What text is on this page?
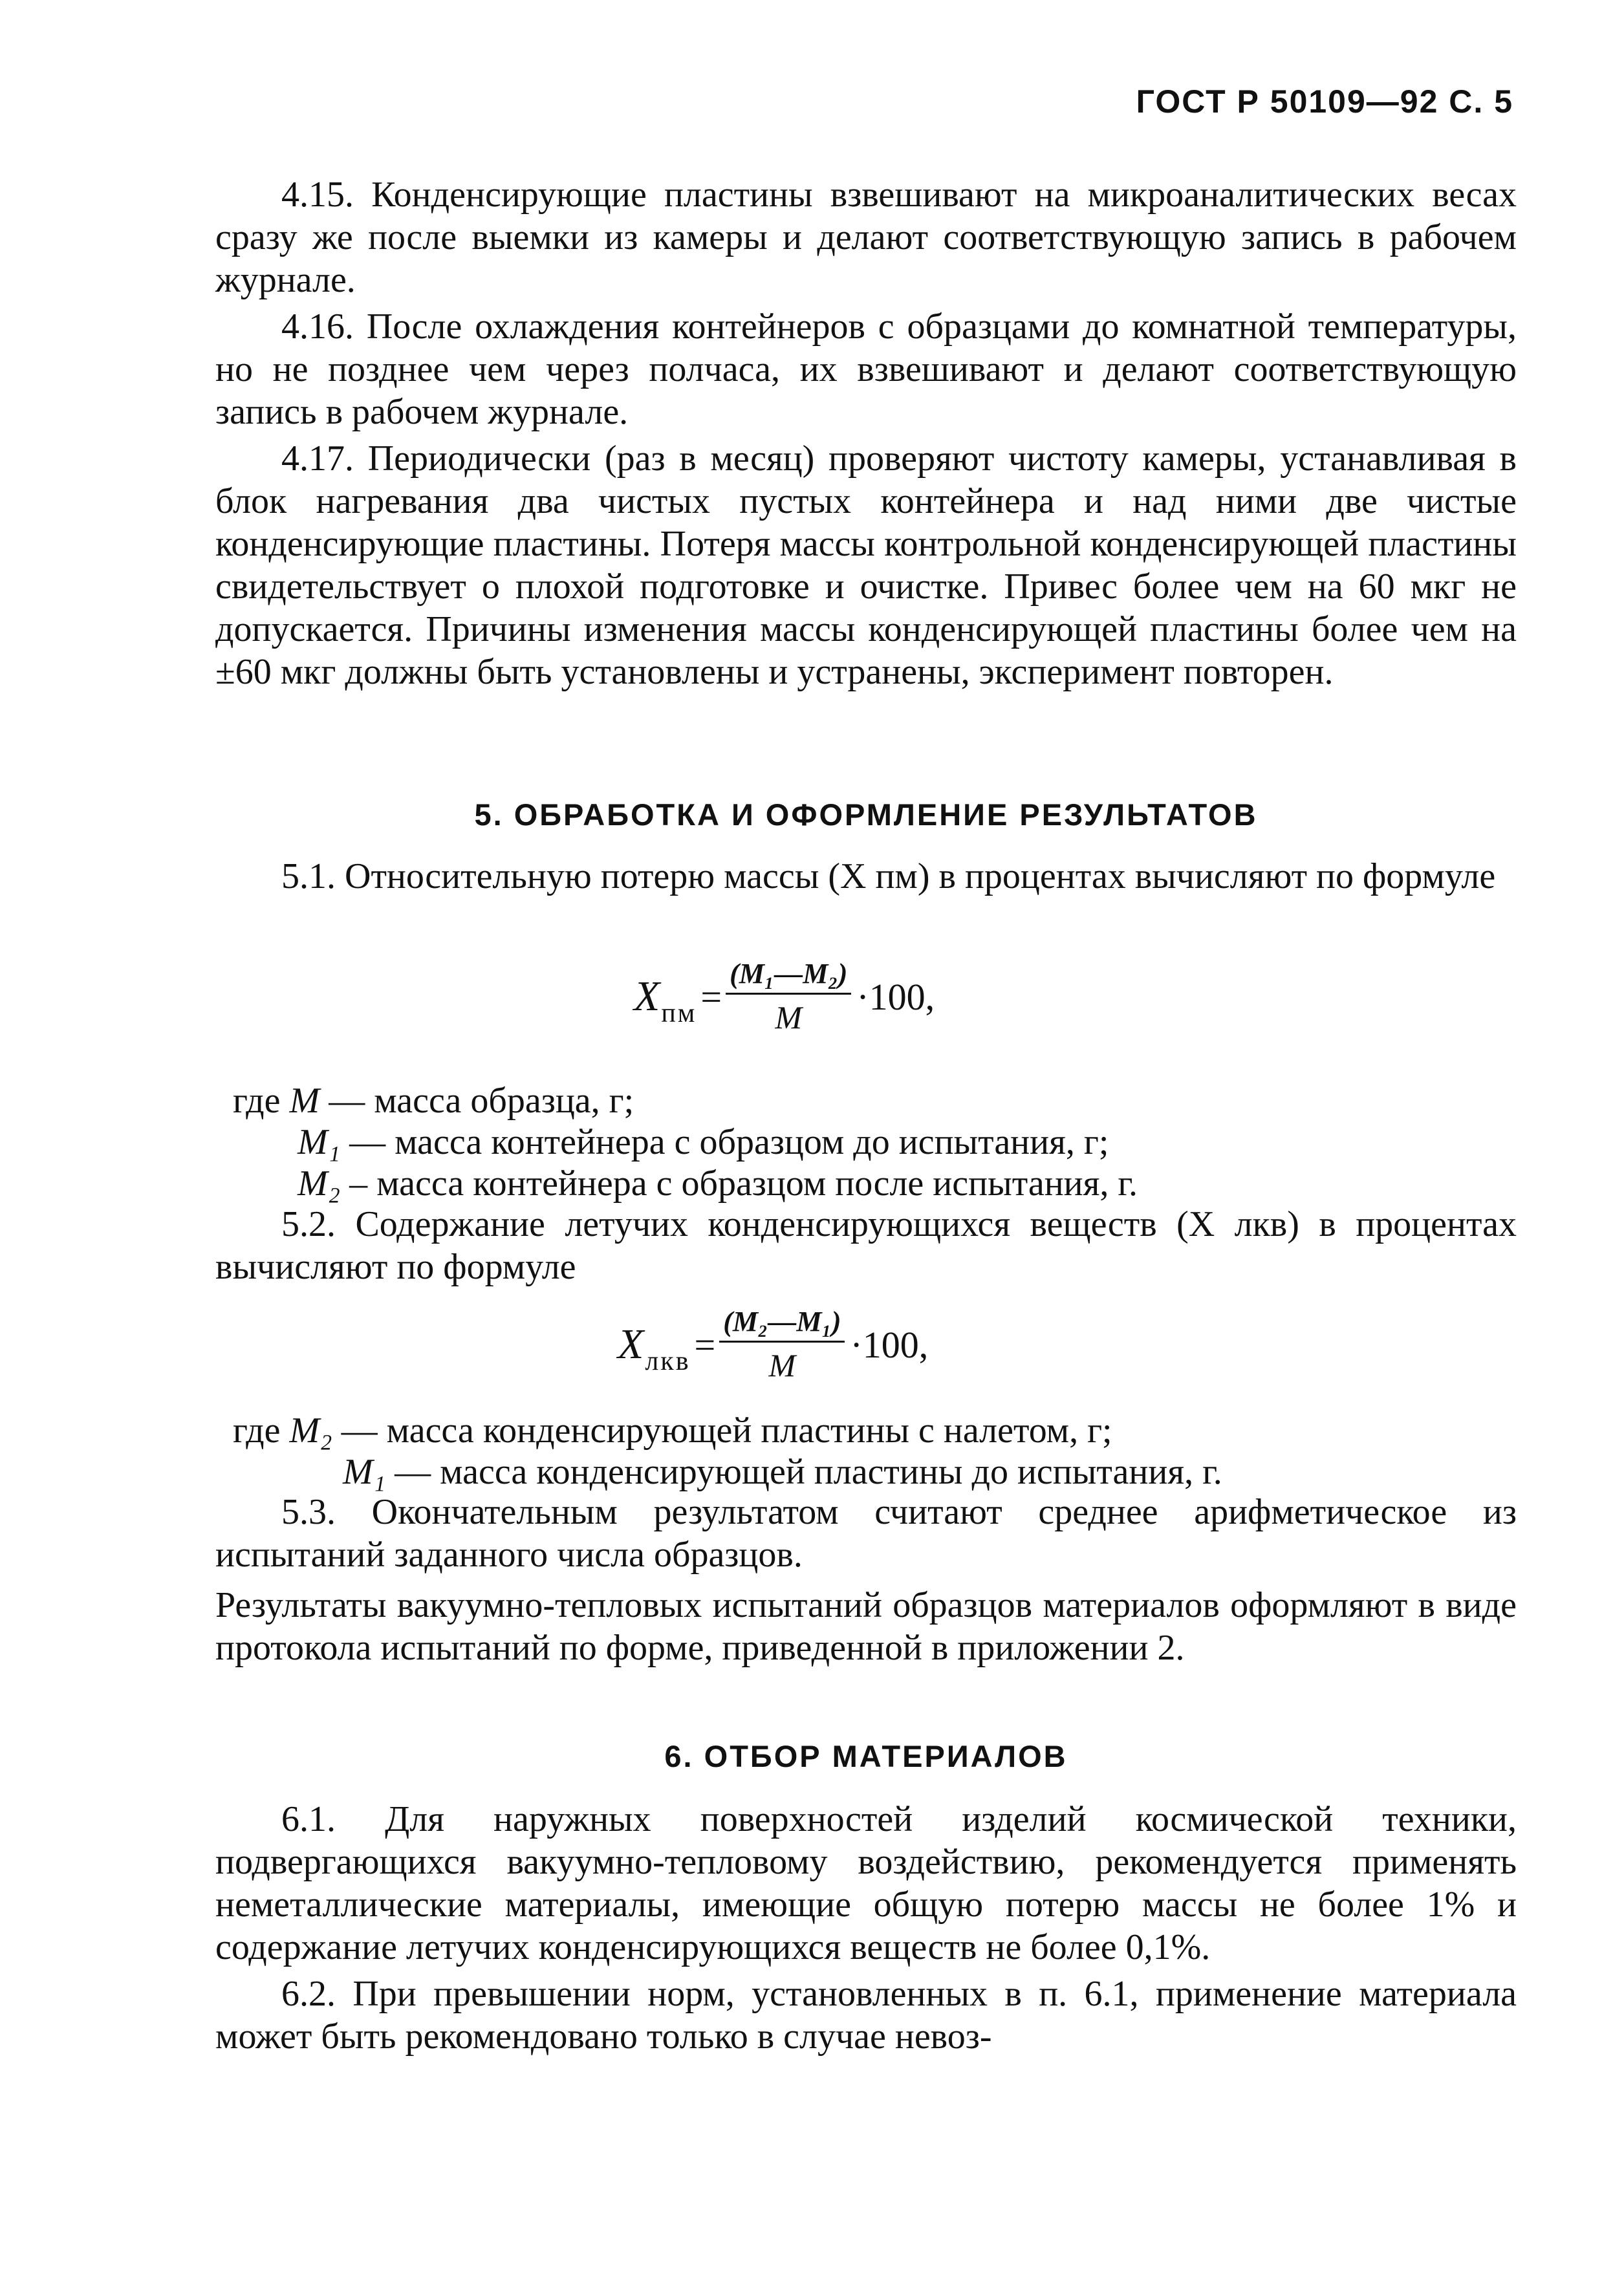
ГОСТ Р 50109—92 С. 5

4.15. Конденсирующие пластины взвешивают на микроаналитических весах сразу же после выемки из камеры и делают соответствующую запись в рабочем журнале.

4.16. После охлаждения контейнеров с образцами до комнатной температуры, но не позднее чем через полчаса, их взвешивают и делают соответствующую запись в рабочем журнале.

4.17. Периодически (раз в месяц) проверяют чистоту камеры, устанавливая в блок нагревания два чистых пустых контейнера и над ними две чистые конденсирующие пластины. Потеря массы контрольной конденсирующей пластины свидетельствует о плохой подготовке и очистке. Привес более чем на 60 мкг не допускается. Причины изменения массы конденсирующей пластины более чем на ±60 мкг должны быть установлены и устранены, эксперимент повторен.

5. ОБРАБОТКА И ОФОРМЛЕНИЕ РЕЗУЛЬТАТОВ

5.1. Относительную потерю массы (Х пм) в процентах вычисляют по формуле

X пм = $\frac{\text{(M₁—M₂)}}{M} \cdot 100$,
где M — масса образца, г;
M₁ — масса контейнера с образцом до испытания, г;
M₂ – масса контейнера с образцом после испытания, г.

5.2. Содержание летучих конденсирующихся веществ (Х лкв) в процентах вычисляют по формуле

X лкв = $\frac{\text{(M₂—M₁)}}{M} \cdot 100$,
где M₂ — масса конденсирующей пластины с налетом, г;
M₁ — масса конденсирующей пластины до испытания, г.

5.3. Окончательным результатом считают среднее арифметическое из испытаний заданного числа образцов.

Результаты вакуумно-тепловых испытаний образцов материалов оформляют в виде протокола испытаний по форме, приведенной в приложении 2.

6. ОТБОР МАТЕРИАЛОВ

6.1. Для наружных поверхностей изделий космической техники, подвергающихся вакуумно-тепловому воздействию, рекомендуется применять неметаллические материалы, имеющие общую потерю массы не более 1% и содержание летучих конденсирующихся веществ не более 0,1%.

6.2. При превышении норм, установленных в п. 6.1, применение материала может быть рекомендовано только в случае невоз-
